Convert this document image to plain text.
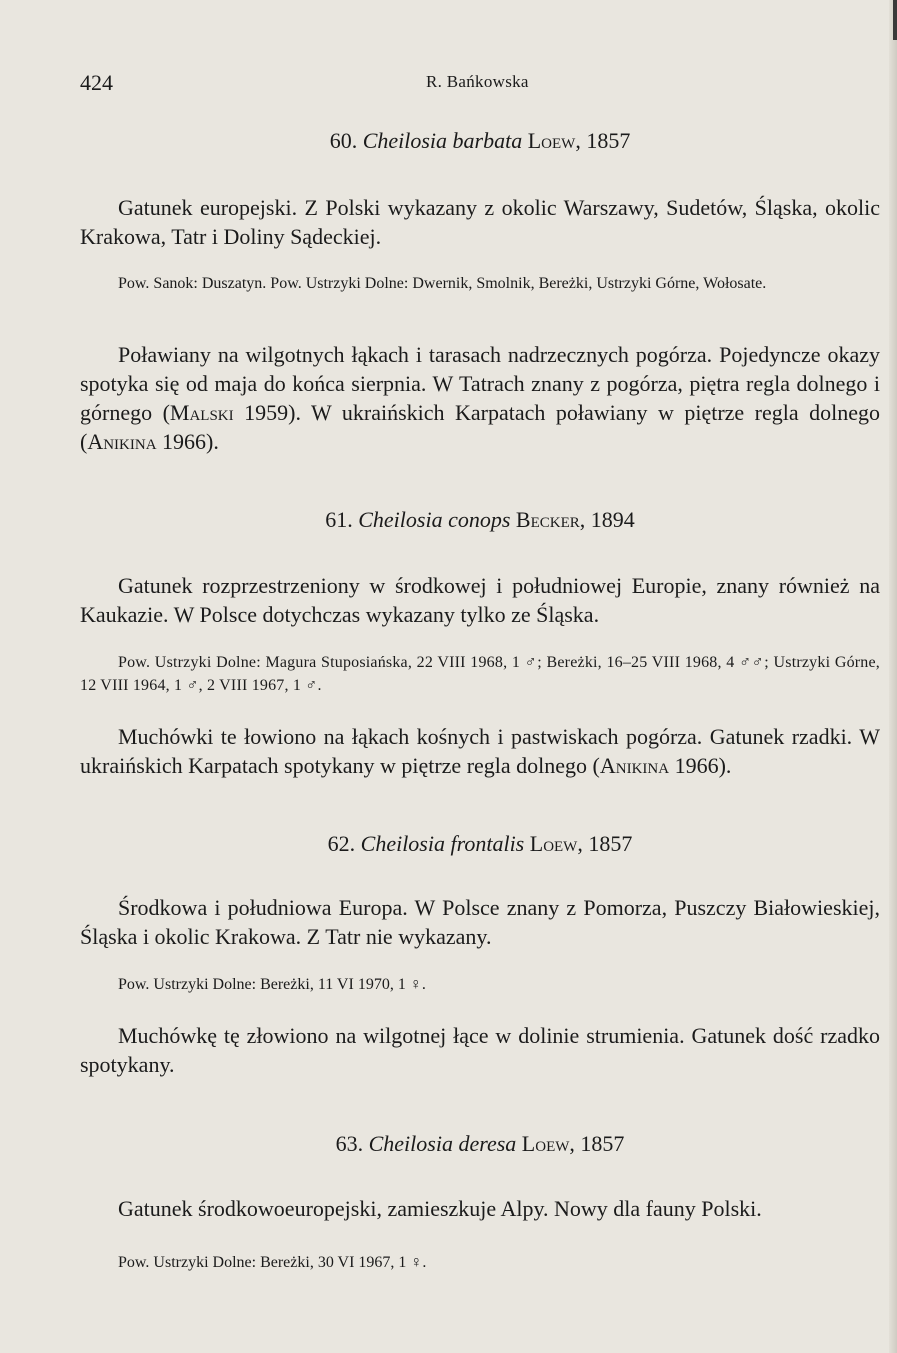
424	R. Bańkowska
60. Cheilosia barbata Loew, 1857

Gatunek europejski. Z Polski wykazany z okolic Warszawy, Sudetów, Śląska, okolic Krakowa, Tatr i Doliny Sądeckiej.

Pow. Sanok: Duszatyn. Pow. Ustrzyki Dolne: Dwernik, Smolnik, Bereżki, Ustrzyki Górne, Wołosate.

Poławiany na wilgotnych łąkach i tarasach nadrzecznych pogórza. Pojedyncze okazy spotyka się od maja do końca sierpnia. W Tatrach znany z pogórza, piętra regla dolnego i górnego (Malski 1959). W ukraińskich Karpatach poławiany w piętrze regla dolnego (Anikina 1966).

61. Cheilosia conops Becker, 1894

Gatunek rozprzestrzeniony w środkowej i południowej Europie, znany również na Kaukazie. W Polsce dotychczas wykazany tylko ze Śląska.

Pow. Ustrzyki Dolne: Magura Stuposiańska, 22 VIII 1968, 1 ♂; Bereżki, 16–25 VIII 1968, 4 ♂♂; Ustrzyki Górne, 12 VIII 1964, 1 ♂, 2 VIII 1967, 1 ♂.

Muchówki te łowiono na łąkach kośnych i pastwiskach pogórza. Gatunek rzadki. W ukraińskich Karpatach spotykany w piętrze regla dolnego (Anikina 1966).

62. Cheilosia frontalis Loew, 1857

Środkowa i południowa Europa. W Polsce znany z Pomorza, Puszczy Białowieskiej, Śląska i okolic Krakowa. Z Tatr nie wykazany.

Pow. Ustrzyki Dolne: Bereżki, 11 VI 1970, 1 ♀.

Muchówkę tę złowiono na wilgotnej łące w dolinie strumienia. Gatunek dość rzadko spotykany.

63. Cheilosia deresa Loew, 1857

Gatunek środkowoeuropejski, zamieszkuje Alpy. Nowy dla fauny Polski.

Pow. Ustrzyki Dolne: Bereżki, 30 VI 1967, 1 ♀.
